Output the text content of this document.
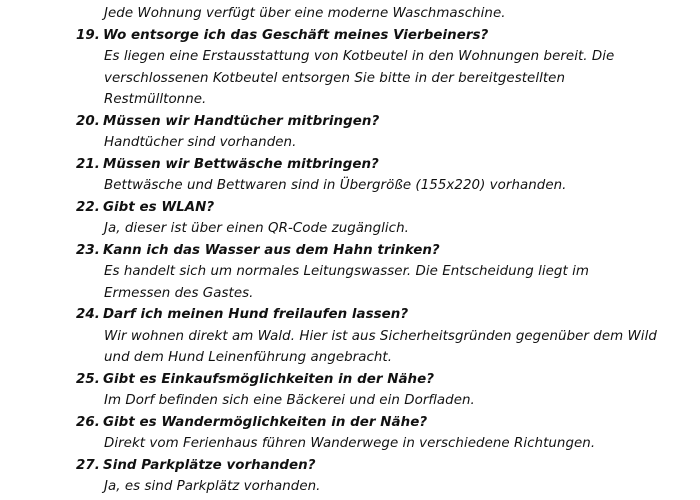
Jede Wohnung verfügt über eine moderne Waschmaschine.
19. Wo entsorge ich das Geschäft meines Vierbeiners?
Es liegen eine Erstausstattung von Kotbeutel in den Wohnungen bereit. Die
verschlossenen Kotbeutel entsorgen Sie bitte in der bereitgestellten
Restmülltonne.
20. Müssen wir Handtücher mitbringen?
Handtücher sind vorhanden.
21. Müssen wir Bettwäsche mitbringen?
Bettwäsche und Bettwaren sind in Übergröße (155x220) vorhanden.
22. Gibt es WLAN?
Ja, dieser ist über einen QR-Code zugänglich.
23. Kann ich das Wasser aus dem Hahn trinken?
Es handelt sich um normales Leitungswasser. Die Entscheidung liegt im
Ermessen des Gastes.
24. Darf ich meinen Hund freilaufen lassen?
Wir wohnen direkt am Wald. Hier ist aus Sicherheitsgründen gegenüber dem Wild
und dem Hund Leinenführung angebracht.
25. Gibt es Einkaufsmöglichkeiten in der Nähe?
Im Dorf befinden sich eine Bäckerei und ein Dorfladen.
26. Gibt es Wandermöglichkeiten in der Nähe?
Direkt vom Ferienhaus führen Wanderwege in verschiedene Richtungen.
27. Sind Parkplätze vorhanden?
Ja, es sind Parkplätz vorhanden.
